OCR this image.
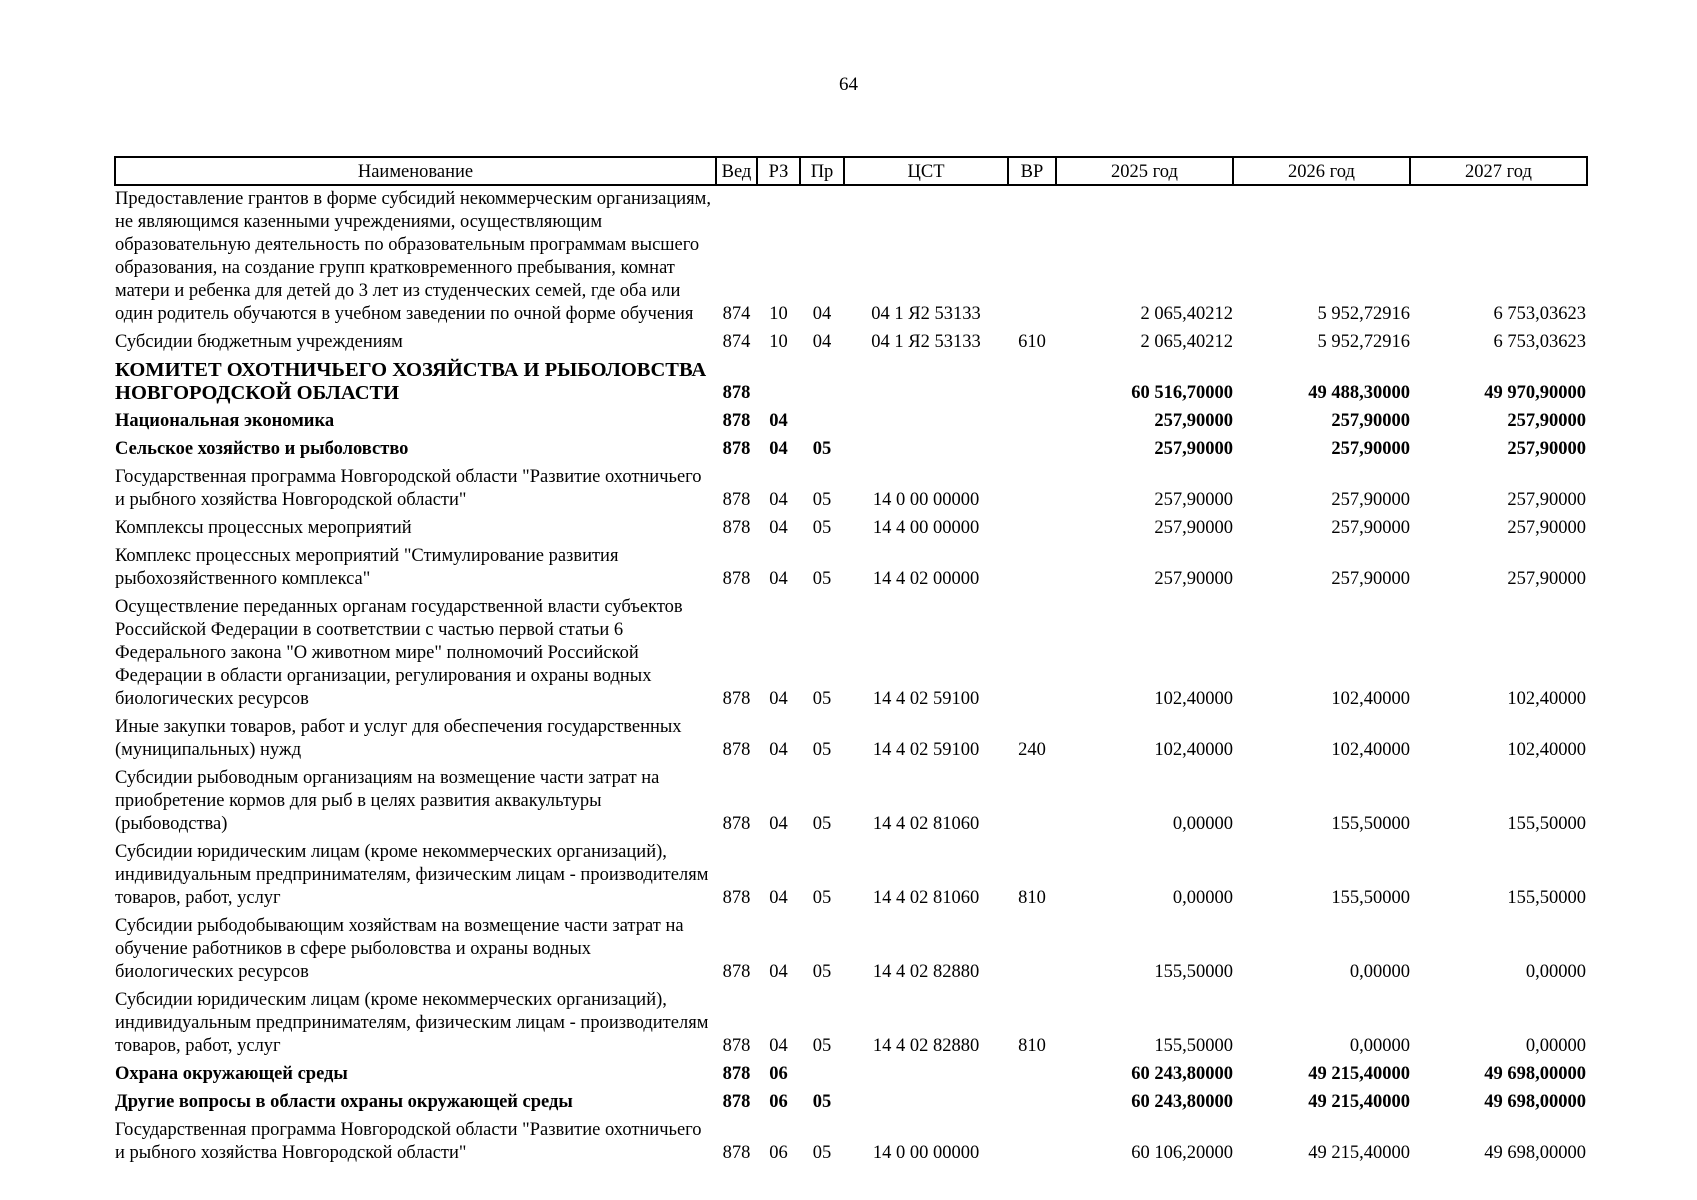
64
Наименование	Вед	РЗ	Пр	ЦСТ	ВР	2025 год	2026 год	2027 год
Предоставление грантов в форме субсидий некоммерческим организациям, не являющимся казенными учреждениями, осуществляющим образовательную деятельность по образовательным программам высшего образования, на создание групп кратковременного пребывания, комнат матери и ребенка для детей до 3 лет из студенческих семей, где оба или один родитель обучаются в учебном заведении по очной форме обучения	874	10	04	04 1 Я2 53133		2 065,40212	5 952,72916	6 753,03623
Субсидии бюджетным учреждениям	874	10	04	04 1 Я2 53133	610	2 065,40212	5 952,72916	6 753,03623
КОМИТЕТ ОХОТНИЧЬЕГО ХОЗЯЙСТВА И РЫБОЛОВСТВА НОВГОРОДСКОЙ ОБЛАСТИ	878					60 516,70000	49 488,30000	49 970,90000
Национальная экономика	878	04				257,90000	257,90000	257,90000
Сельское хозяйство и рыболовство	878	04	05			257,90000	257,90000	257,90000
Государственная программа Новгородской области "Развитие охотничьего и рыбного хозяйства Новгородской области"	878	04	05	14 0 00 00000		257,90000	257,90000	257,90000
Комплексы процессных мероприятий	878	04	05	14 4 00 00000		257,90000	257,90000	257,90000
Комплекс процессных мероприятий "Стимулирование развития рыбохозяйственного комплекса"	878	04	05	14 4 02 00000		257,90000	257,90000	257,90000
Осуществление переданных органам государственной власти субъектов Российской Федерации в соответствии с частью первой статьи 6 Федерального закона "О животном мире" полномочий Российской Федерации в области организации, регулирования и охраны водных биологических ресурсов	878	04	05	14 4 02 59100		102,40000	102,40000	102,40000
Иные закупки товаров, работ и услуг для обеспечения государственных (муниципальных) нужд	878	04	05	14 4 02 59100	240	102,40000	102,40000	102,40000
Субсидии рыбоводным организациям на возмещение части затрат на приобретение кормов для рыб в целях развития аквакультуры (рыбоводства)	878	04	05	14 4 02 81060		0,00000	155,50000	155,50000
Субсидии юридическим лицам (кроме некоммерческих организаций), индивидуальным предпринимателям, физическим лицам - производителям товаров, работ, услуг	878	04	05	14 4 02 81060	810	0,00000	155,50000	155,50000
Субсидии рыбодобывающим хозяйствам на возмещение части затрат на обучение работников в сфере рыболовства и охраны водных биологических ресурсов	878	04	05	14 4 02 82880		155,50000	0,00000	0,00000
Субсидии юридическим лицам (кроме некоммерческих организаций), индивидуальным предпринимателям, физическим лицам - производителям товаров, работ, услуг	878	04	05	14 4 02 82880	810	155,50000	0,00000	0,00000
Охрана окружающей среды	878	06				60 243,80000	49 215,40000	49 698,00000
Другие вопросы в области охраны окружающей среды	878	06	05			60 243,80000	49 215,40000	49 698,00000
Государственная программа Новгородской области "Развитие охотничьего и рыбного хозяйства Новгородской области"	878	06	05	14 0 00 00000		60 106,20000	49 215,40000	49 698,00000
